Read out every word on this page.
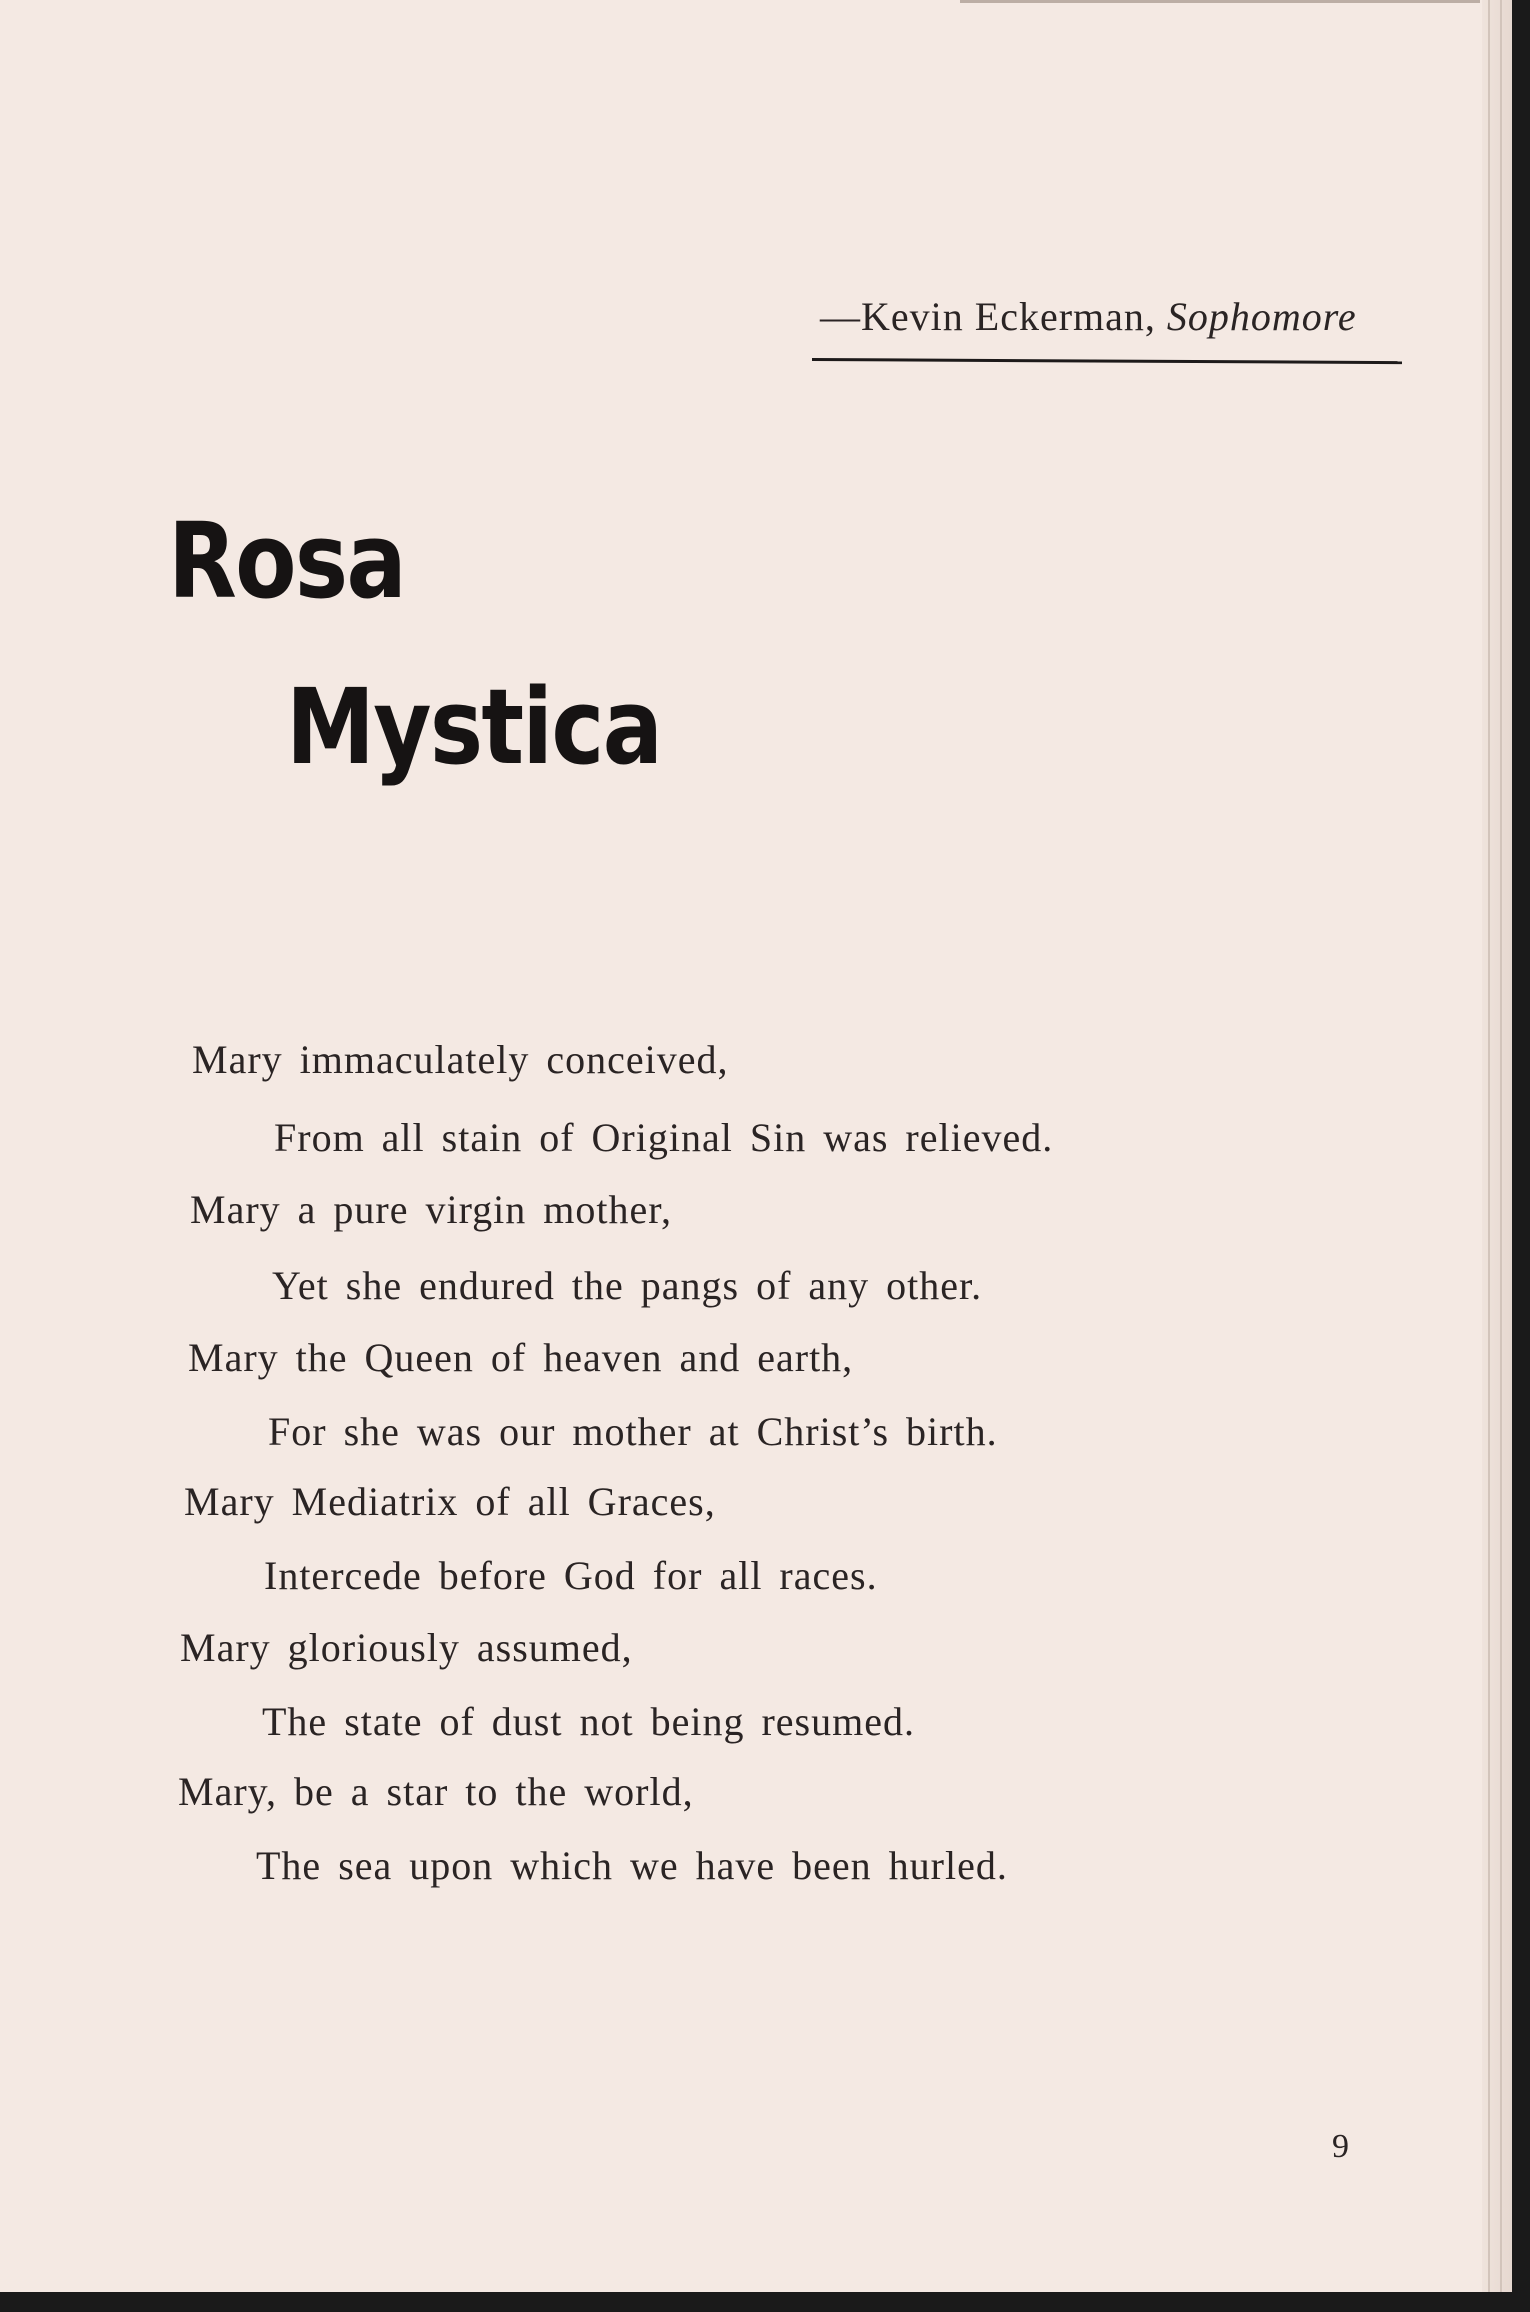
—Kevin Eckerman, Sophomore
Rosa
Mystica
Mary immaculately conceived,
From all stain of Original Sin was relieved.
Mary a pure virgin mother,
Yet she endured the pangs of any other.
Mary the Queen of heaven and earth,
For she was our mother at Christ’s birth.
Mary Mediatrix of all Graces,
Intercede before God for all races.
Mary gloriously assumed,
The state of dust not being resumed.
Mary, be a star to the world,
The sea upon which we have been hurled.
9
